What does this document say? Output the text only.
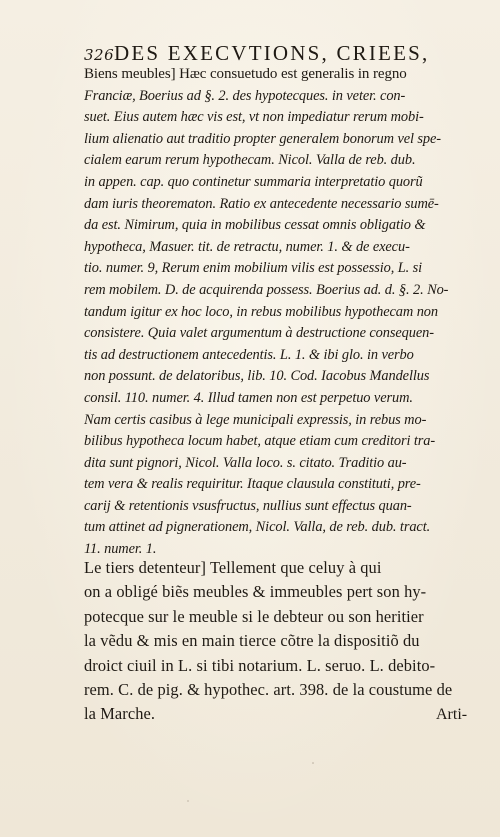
326 DES EXECVTIONS, CRIEES,
Biens meubles] Hæc consuetudo est generalis in regno
Franciæ, Boerius ad §. 2. des hypotecques. in veter. con-
suet. Eius autem hæc vis est, vt non impediatur rerum mobi-
lium alienatio aut traditio propter generalem bonorum vel spe-
cialem earum rerum hypothecam. Nicol. Valla de reb. dub.
in appen. cap. quo continetur summaria interpretatio quorũ
dam iuris theorematon. Ratio ex antecedente necessario sumē-
da est. Nimirum, quia in mobilibus cessat omnis obligatio &
hypotheca, Masuer. tit. de retractu, numer. 1. & de execu-
tio. numer. 9, Rerum enim mobilium vilis est possessio, L. si
rem mobilem. D. de acquirenda possess. Boerius ad. d. §. 2. No-
tandum igitur ex hoc loco, in rebus mobilibus hypothecam non
consistere. Quia valet argumentum à destructione consequen-
tis ad destructionem antecedentis. L. 1. & ibi glo. in verbo
non possunt. de delatoribus, lib. 10. Cod. Iacobus Mandellus
consil. 110. numer. 4. Illud tamen non est perpetuo verum.
Nam certis casibus à lege municipali expressis, in rebus mo-
bilibus hypotheca locum habet, atque etiam cum creditori tra-
dita sunt pignori, Nicol. Valla loco. s. citato. Traditio au-
tem vera & realis requiritur. Itaque clausula constituti, pre-
carij & retentionis vsusfructus, nullius sunt effectus quan-
tum attinet ad pignerationem, Nicol. Valla, de reb. dub. tract.
11. numer. 1.
Le tiers detenteur] Tellement que celuy à qui
on a obligé biẽs meubles & immeubles pert son hy-
potecque sur le meuble si le debteur ou son heritier
la vẽdu & mis en main tierce cõtre la dispositiõ du
droict ciuil in L. si tibi notarium. L. seruo. L. debito-
rem. C. de pig. & hypothec. art. 398. de la coustume de
la Marche.	Arti-
